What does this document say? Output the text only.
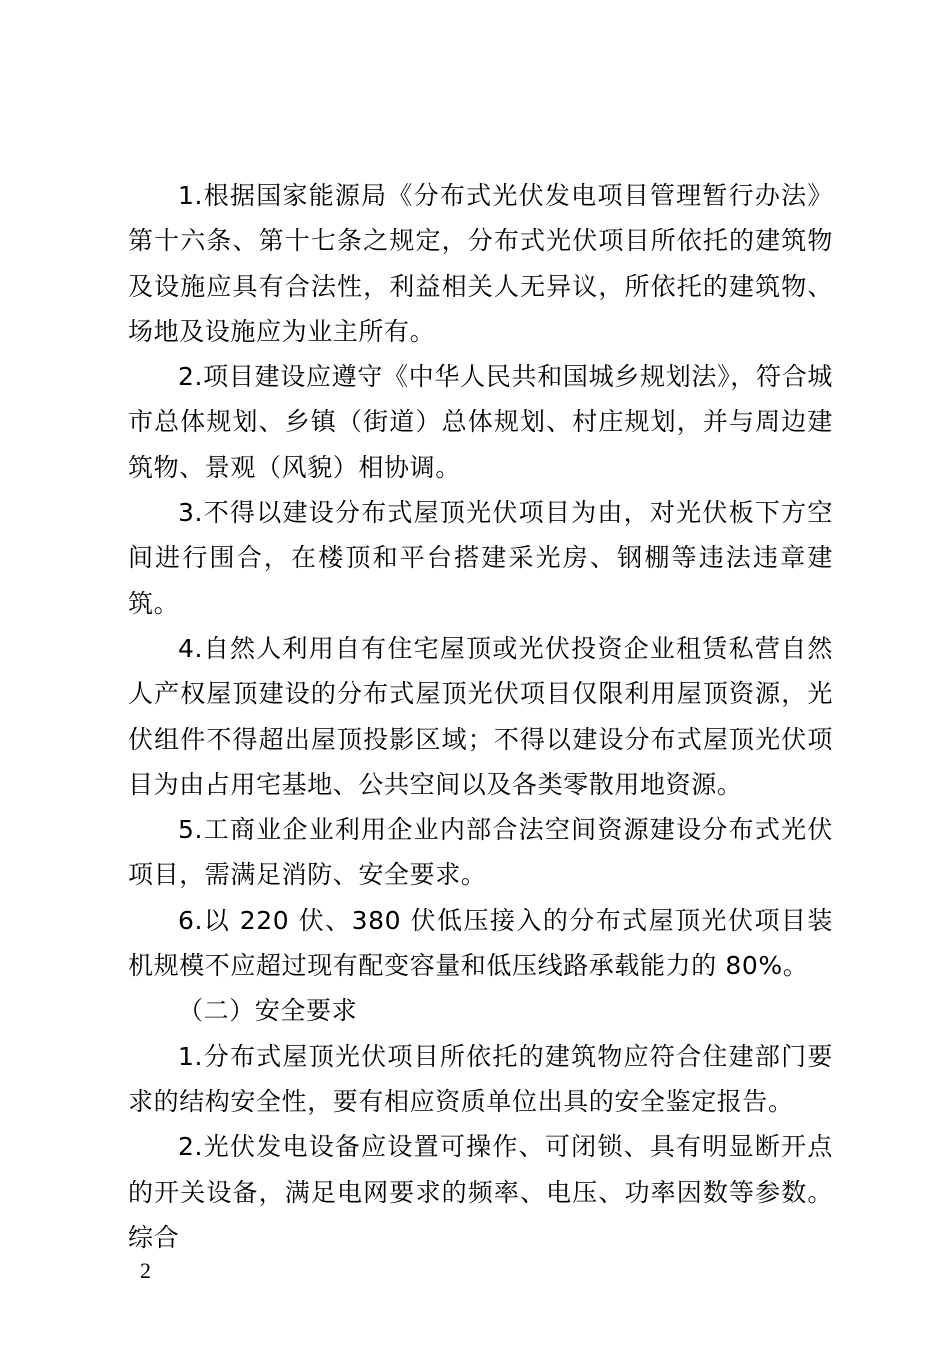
1.根据国家能源局《分布式光伏发电项目管理暂行办法》第十六条、第十七条之规定，分布式光伏项目所依托的建筑物及设施应具有合法性，利益相关人无异议，所依托的建筑物、场地及设施应为业主所有。

2.项目建设应遵守《中华人民共和国城乡规划法》，符合城市总体规划、乡镇（街道）总体规划、村庄规划，并与周边建筑物、景观（风貌）相协调。

3.不得以建设分布式屋顶光伏项目为由，对光伏板下方空间进行围合，在楼顶和平台搭建采光房、钢棚等违法违章建筑。

4.自然人利用自有住宅屋顶或光伏投资企业租赁私营自然人产权屋顶建设的分布式屋顶光伏项目仅限利用屋顶资源，光伏组件不得超出屋顶投影区域；不得以建设分布式屋顶光伏项目为由占用宅基地、公共空间以及各类零散用地资源。

5.工商业企业利用企业内部合法空间资源建设分布式光伏项目，需满足消防、安全要求。

6.以 220 伏、380 伏低压接入的分布式屋顶光伏项目装机规模不应超过现有配变容量和低压线路承载能力的 80%。

（二）安全要求

1.分布式屋顶光伏项目所依托的建筑物应符合住建部门要求的结构安全性，要有相应资质单位出具的安全鉴定报告。

2.光伏发电设备应设置可操作、可闭锁、具有明显断开点的开关设备，满足电网要求的频率、电压、功率因数等参数。综合

2
